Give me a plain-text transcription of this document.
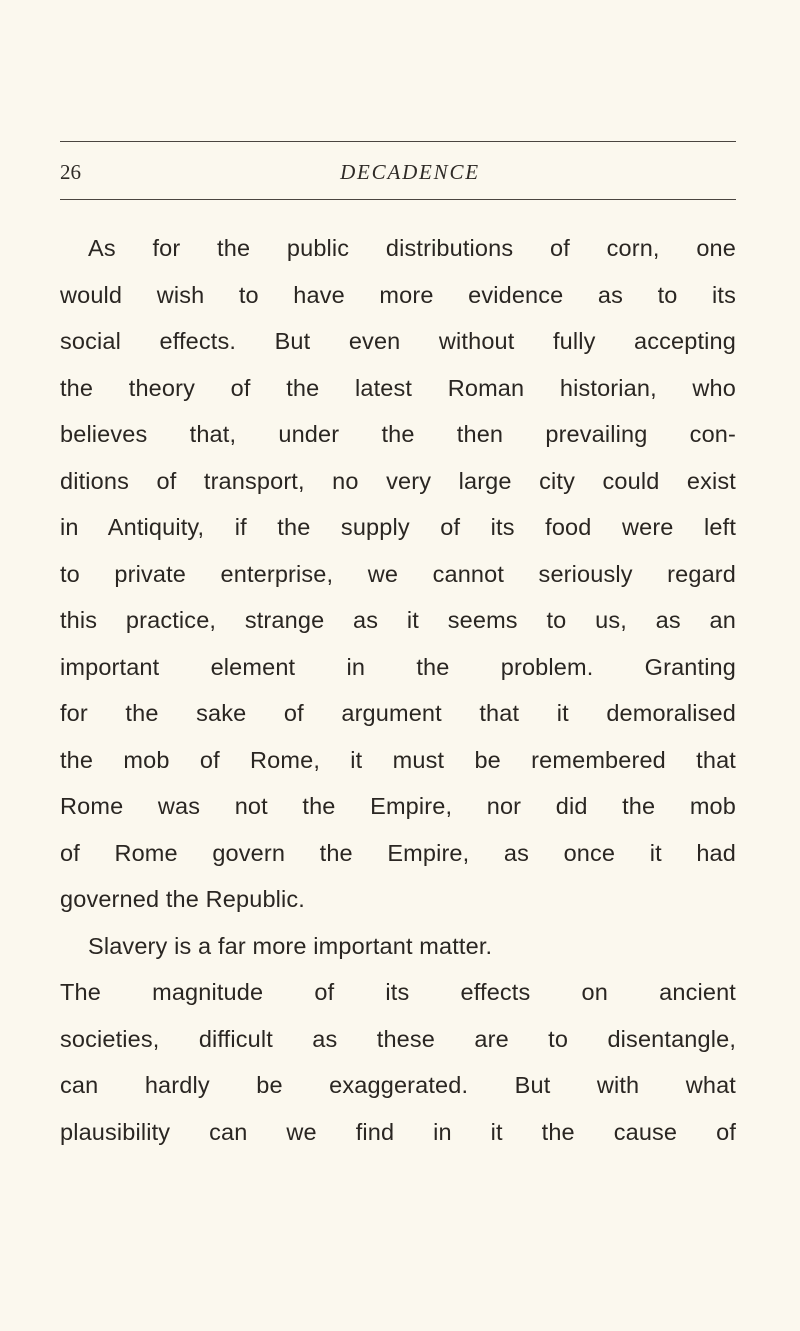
26	DECADENCE
As for the public distributions of corn, one
would wish to have more evidence as to its
social effects. But even without fully accepting
the theory of the latest Roman historian, who
believes that, under the then prevailing con-
ditions of transport, no very large city could exist
in Antiquity, if the supply of its food were left
to private enterprise, we cannot seriously regard
this practice, strange as it seems to us, as an
important element in the problem. Granting
for the sake of argument that it demoralised
the mob of Rome, it must be remembered that
Rome was not the Empire, nor did the mob
of Rome govern the Empire, as once it had
governed the Republic.
Slavery is a far more important matter.
The magnitude of its effects on ancient
societies, difficult as these are to disentangle,
can hardly be exaggerated. But with what
plausibility can we find in it the cause of
